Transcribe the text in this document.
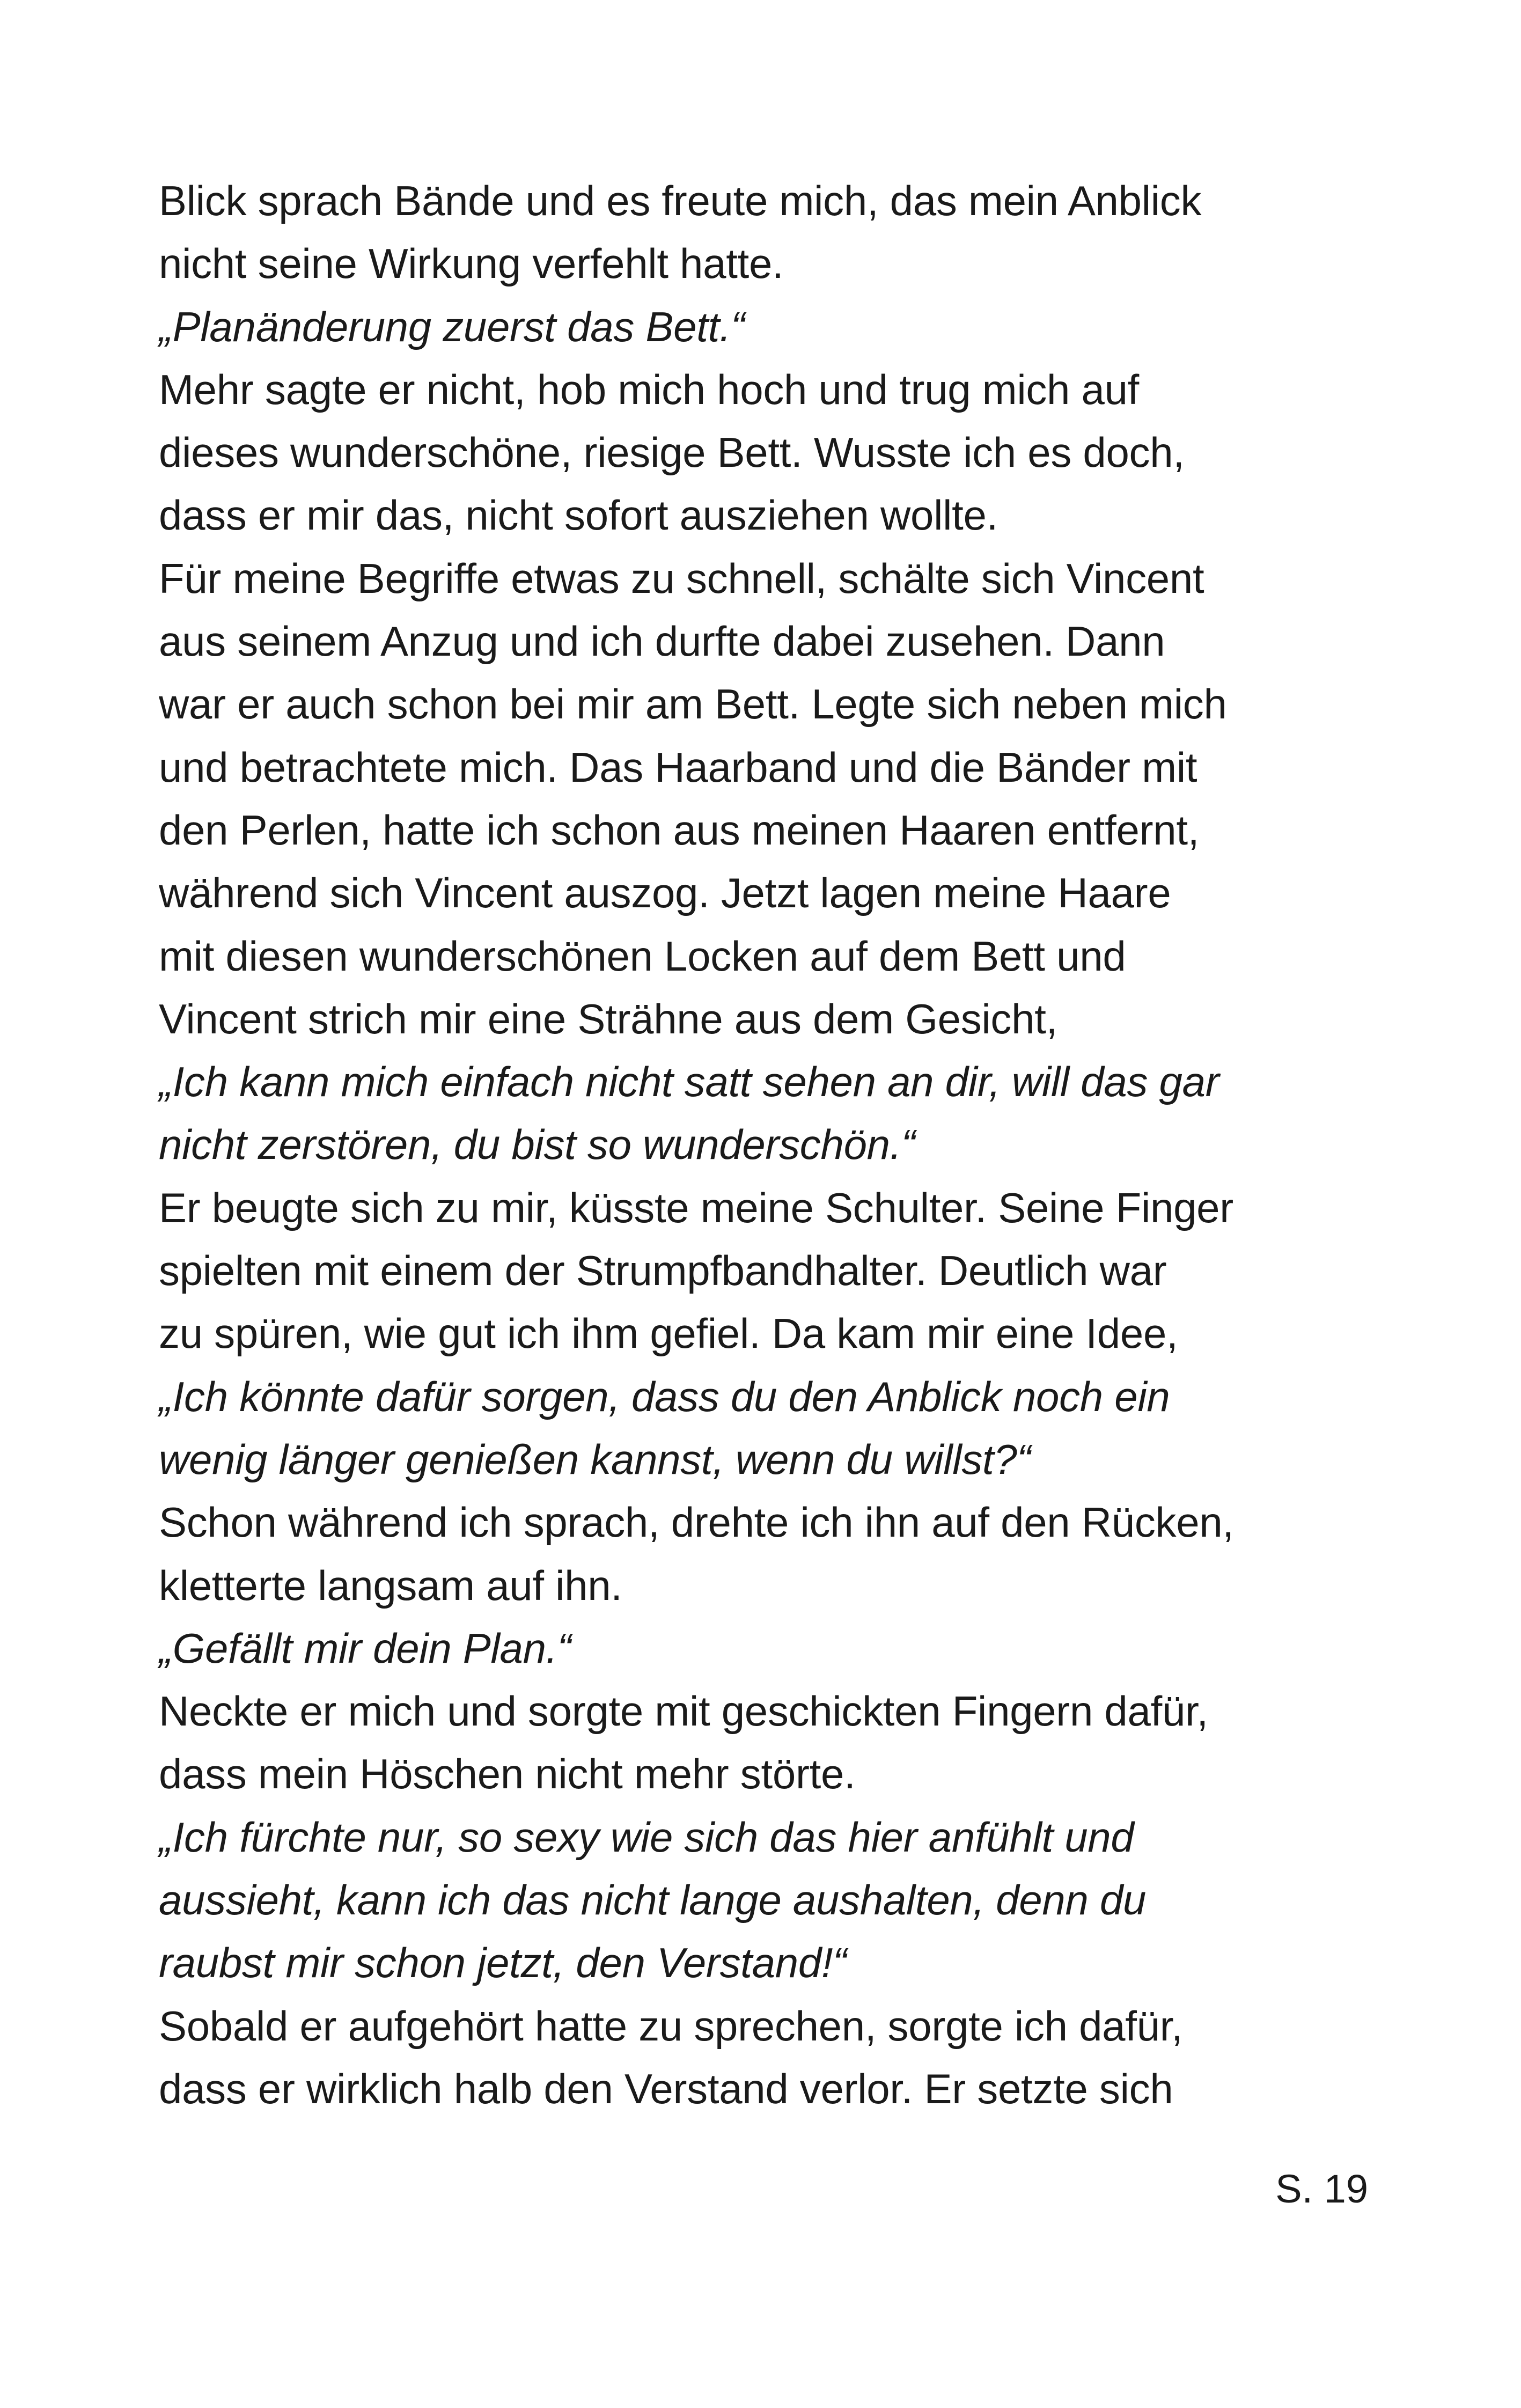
Blick sprach Bände und es freute mich, das mein Anblick
nicht seine Wirkung verfehlt hatte.
„Planänderung zuerst das Bett.“
Mehr sagte er nicht, hob mich hoch und trug mich auf
dieses wunderschöne, riesige Bett. Wusste ich es doch,
dass er mir das, nicht sofort ausziehen wollte.
Für meine Begriffe etwas zu schnell, schälte sich Vincent
aus seinem Anzug und ich durfte dabei zusehen. Dann
war er auch schon bei mir am Bett. Legte sich neben mich
und betrachtete mich. Das Haarband und die Bänder mit
den Perlen, hatte ich schon aus meinen Haaren entfernt,
während sich Vincent auszog. Jetzt lagen meine Haare
mit diesen wunderschönen Locken auf dem Bett und
Vincent strich mir eine Strähne aus dem Gesicht,
„Ich kann mich einfach nicht satt sehen an dir, will das gar
nicht zerstören, du bist so wunderschön.“
Er beugte sich zu mir, küsste meine Schulter. Seine Finger
spielten mit einem der Strumpfbandhalter. Deutlich war
zu spüren, wie gut ich ihm gefiel. Da kam mir eine Idee,
„Ich könnte dafür sorgen, dass du den Anblick noch ein
wenig länger genießen kannst, wenn du willst?“
Schon während ich sprach, drehte ich ihn auf den Rücken,
kletterte langsam auf ihn.
„Gefällt mir dein Plan.“
Neckte er mich und sorgte mit geschickten Fingern dafür,
dass mein Höschen nicht mehr störte.
„Ich fürchte nur, so sexy wie sich das hier anfühlt und
aussieht, kann ich das nicht lange aushalten, denn du
raubst mir schon jetzt, den Verstand!“
Sobald er aufgehört hatte zu sprechen, sorgte ich dafür,
dass er wirklich halb den Verstand verlor. Er setzte sich
S. 19
